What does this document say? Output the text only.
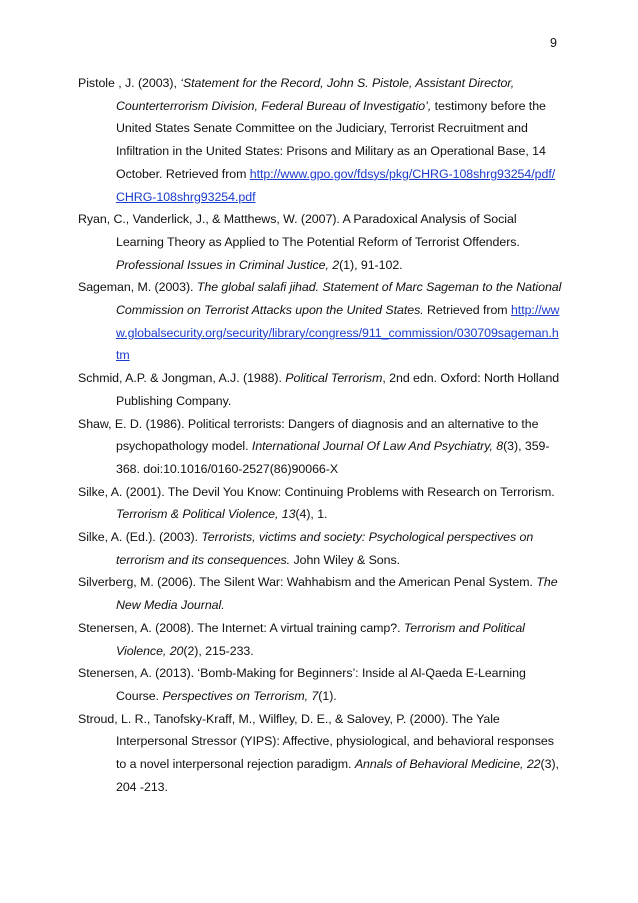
9

Pistole , J. (2003), ‘Statement for the Record, John S. Pistole, Assistant Director, Counterterrorism Division, Federal Bureau of Investigatio’, testimony before the United States Senate Committee on the Judiciary, Terrorist Recruitment and Infiltration in the United States: Prisons and Military as an Operational Base, 14 October. Retrieved from http://www.gpo.gov/fdsys/pkg/CHRG-108shrg93254/pdf/CHRG-108shrg93254.pdf

Ryan, C., Vanderlick, J., & Matthews, W. (2007). A Paradoxical Analysis of Social Learning Theory as Applied to The Potential Reform of Terrorist Offenders. Professional Issues in Criminal Justice, 2(1), 91-102.

Sageman, M. (2003). The global salafi jihad. Statement of Marc Sageman to the National Commission on Terrorist Attacks upon the United States. Retrieved from http://www.globalsecurity.org/security/library/congress/911_commission/030709sageman.htm

Schmid, A.P. & Jongman, A.J. (1988). Political Terrorism, 2nd edn. Oxford: North Holland Publishing Company.

Shaw, E. D. (1986). Political terrorists: Dangers of diagnosis and an alternative to the psychopathology model. International Journal Of Law And Psychiatry, 8(3), 359-368. doi:10.1016/0160-2527(86)90066-X

Silke, A. (2001). The Devil You Know: Continuing Problems with Research on Terrorism. Terrorism & Political Violence, 13(4), 1.

Silke, A. (Ed.). (2003). Terrorists, victims and society: Psychological perspectives on terrorism and its consequences. John Wiley & Sons.

Silverberg, M. (2006). The Silent War: Wahhabism and the American Penal System. The New Media Journal.

Stenersen, A. (2008). The Internet: A virtual training camp?. Terrorism and Political Violence, 20(2), 215-233.

Stenersen, A. (2013). ‘Bomb-Making for Beginners’: Inside al Al-Qaeda E-Learning Course. Perspectives on Terrorism, 7(1).

Stroud, L. R., Tanofsky-Kraff, M., Wilfley, D. E., & Salovey, P. (2000). The Yale Interpersonal Stressor (YIPS): Affective, physiological, and behavioral responses to a novel interpersonal rejection paradigm. Annals of Behavioral Medicine, 22(3), 204 -213.
